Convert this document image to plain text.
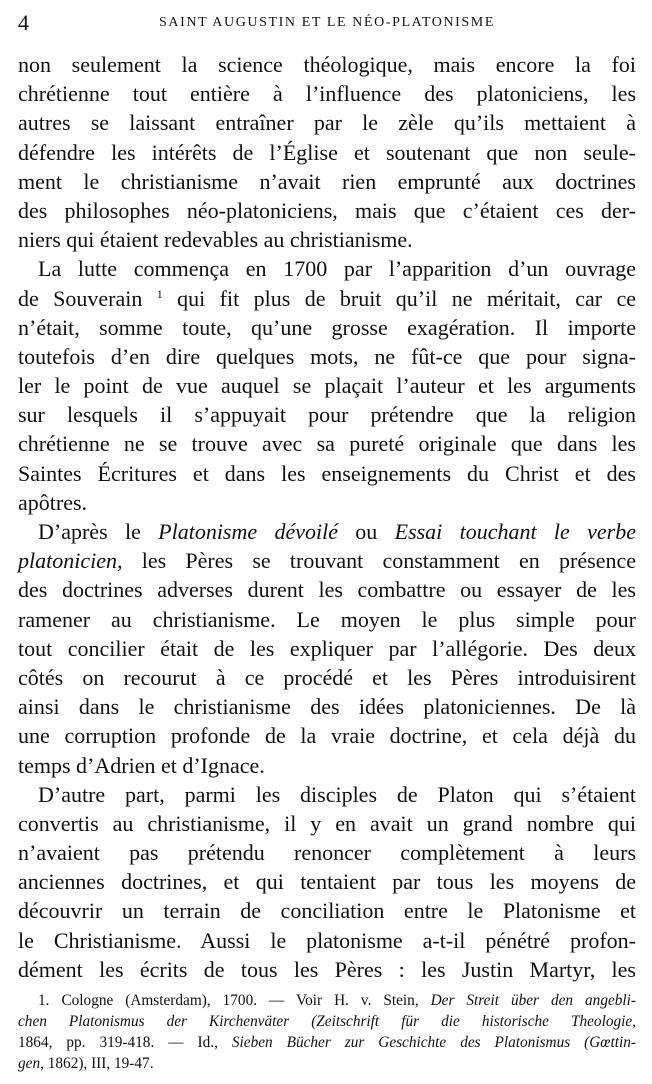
4	SAINT AUGUSTIN ET LE NÉO-PLATONISME
non seulement la science théologique, mais encore la foi
chrétienne tout entière à l’influence des platoniciens, les
autres se laissant entraîner par le zèle qu’ils mettaient à
défendre les intérêts de l’Église et soutenant que non seule-
ment le christianisme n’avait rien emprunté aux doctrines
des philosophes néo-platoniciens, mais que c’étaient ces der-
niers qui étaient redevables au christianisme.
La lutte commença en 1700 par l’apparition d’un ouvrage
de Souverain $^1$ qui fit plus de bruit qu’il ne méritait, car ce
n’était, somme toute, qu’une grosse exagération. Il importe
toutefois d’en dire quelques mots, ne fût-ce que pour signa-
ler le point de vue auquel se plaçait l’auteur et les arguments
sur lesquels il s’appuyait pour prétendre que la religion
chrétienne ne se trouve avec sa pureté originale que dans les
Saintes Écritures et dans les enseignements du Christ et des
apôtres.
D’après le Platonisme dévoilé ou Essai touchant le verbe
platonicien, les Pères se trouvant constamment en présence
des doctrines adverses durent les combattre ou essayer de les
ramener au christianisme. Le moyen le plus simple pour
tout concilier était de les expliquer par l’allégorie. Des deux
côtés on recourut à ce procédé et les Pères introduisirent
ainsi dans le christianisme des idées platoniciennes. De là
une corruption profonde de la vraie doctrine, et cela déjà du
temps d’Adrien et d’Ignace.
D’autre part, parmi les disciples de Platon qui s’étaient
convertis au christianisme, il y en avait un grand nombre qui
n’avaient pas prétendu renoncer complètement à leurs
anciennes doctrines, et qui tentaient par tous les moyens de
découvrir un terrain de conciliation entre le Platonisme et
le Christianisme. Aussi le platonisme a-t-il pénétré profon-
dément les écrits de tous les Pères : les Justin Martyr, les
1. Cologne (Amsterdam), 1700. — Voir H. v. Stein, Der Streit über den angebli-
chen Platonismus der Kirchenväter (Zeitschrift für die historische Theologie,
1864, pp. 319-418. — Id., Sieben Bücher zur Geschichte des Platonismus (Gœttin-
gen, 1862), III, 19-47.
